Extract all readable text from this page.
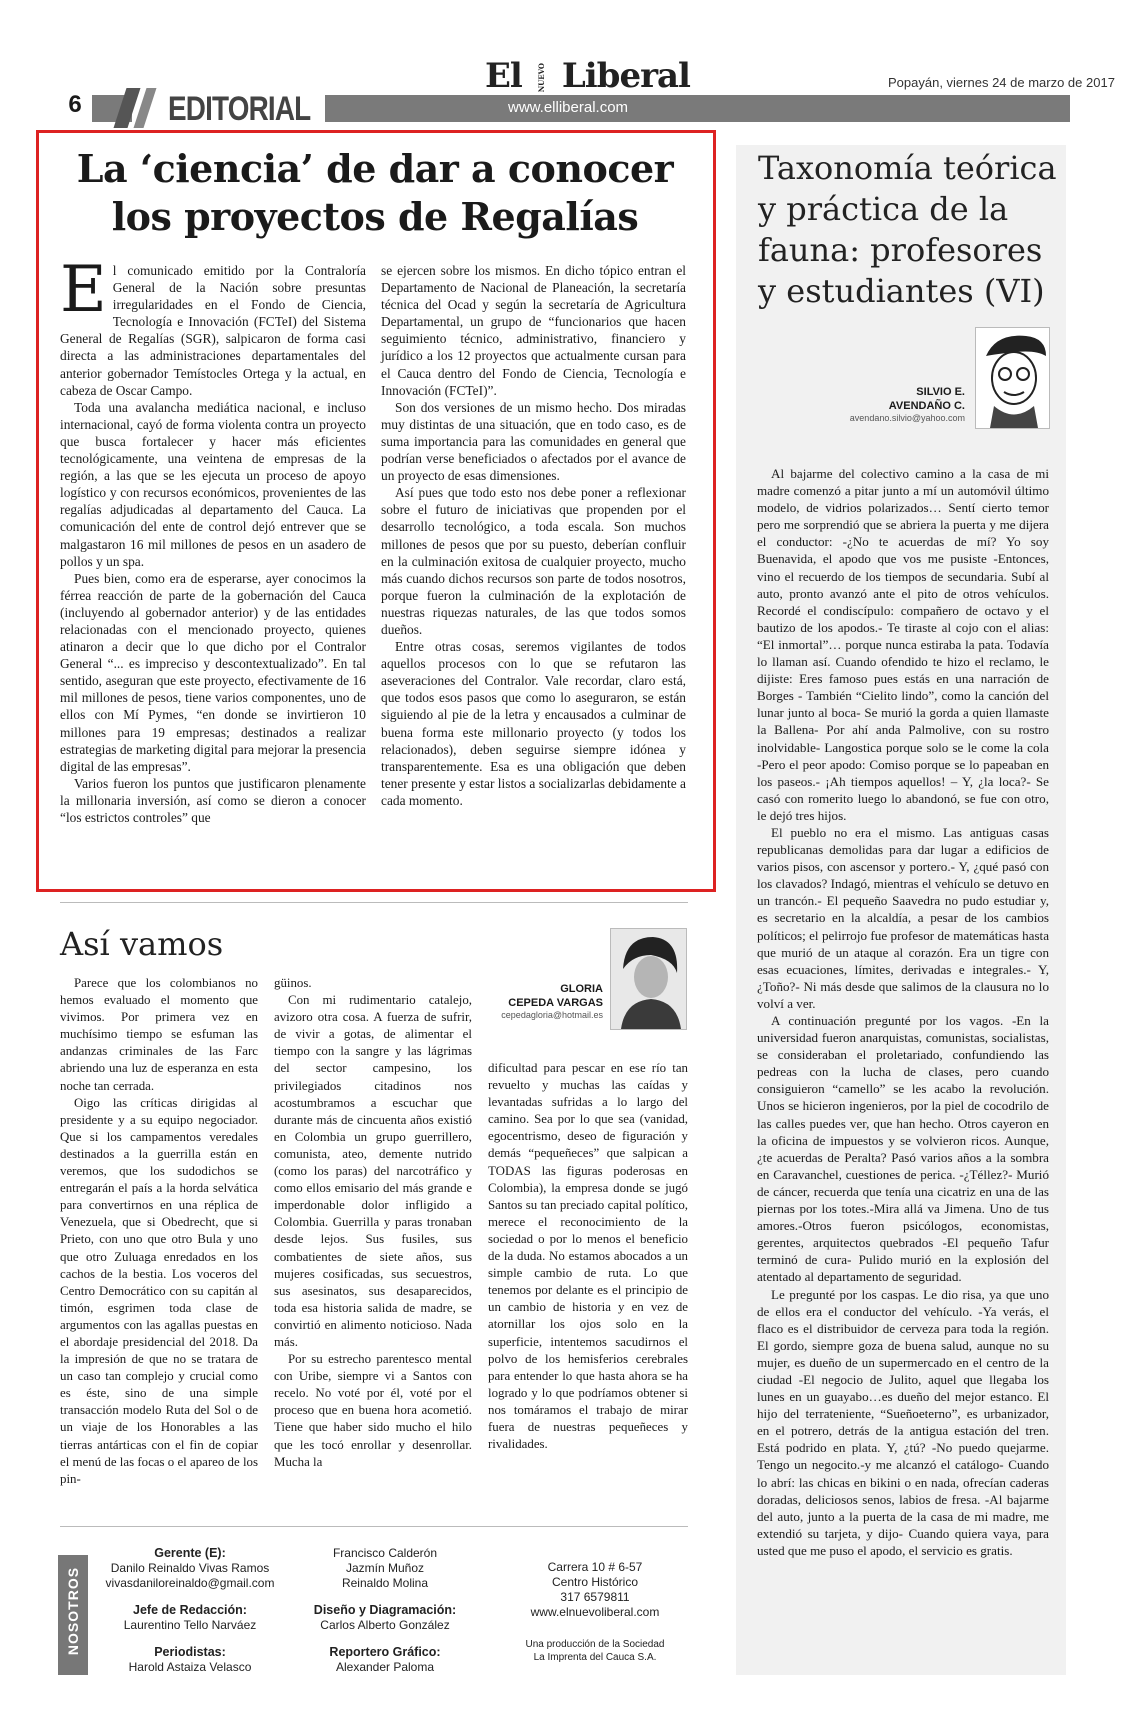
6	EDITORIAL
El NUEVO Liberal
www.elliberal.com
Popayán, viernes 24 de marzo de 2017
La ‘ciencia’ de dar a conocer
los proyectos de Regalías

El comunicado emitido por la Contraloría General de la Nación sobre presuntas irregularidades en el Fondo de Ciencia, Tecnología e Innovación (FCTeI) del Sistema General de Regalías (SGR), salpicaron de forma casi directa a las administraciones departamentales del anterior gobernador Temístocles Ortega y la actual, en cabeza de Oscar Campo.

Toda una avalancha mediática nacional, e incluso internacional, cayó de forma violenta contra un proyecto que busca fortalecer y hacer más eficientes tecnológicamente, una veintena de empresas de la región, a las que se les ejecuta un proceso de apoyo logístico y con recursos económicos, provenientes de las regalías adjudicadas al departamento del Cauca. La comunicación del ente de control dejó entrever que se malgastaron 16 mil millones de pesos en un asadero de pollos y un spa.

Pues bien, como era de esperarse, ayer conocimos la férrea reacción de parte de la gobernación del Cauca (incluyendo al gobernador anterior) y de las entidades relacionadas con el mencionado proyecto, quienes atinaron a decir que lo que dicho por el Contralor General “... es impreciso y descontextualizado”. En tal sentido, aseguran que este proyecto, efectivamente de 16 mil millones de pesos, tiene varios componentes, uno de ellos con Mí Pymes, “en donde se invirtieron 10 millones para 19 empresas; destinados a realizar estrategias de marketing digital para mejorar la presencia digital de las empresas”.

Varios fueron los puntos que justificaron plenamente la millonaria inversión, así como se dieron a conocer “los estrictos controles” que

se ejercen sobre los mismos. En dicho tópico entran el Departamento de Nacional de Planeación, la secretaría técnica del Ocad y según la secretaría de Agricultura Departamental, un grupo de “funcionarios que hacen seguimiento técnico, administrativo, financiero y jurídico a los 12 proyectos que actualmente cursan para el Cauca dentro del Fondo de Ciencia, Tecnología e Innovación (FCTeI)”.

Son dos versiones de un mismo hecho. Dos miradas muy distintas de una situación, que en todo caso, es de suma importancia para las comunidades en general que podrían verse beneficiados o afectados por el avance de un proyecto de esas dimensiones.

Así pues que todo esto nos debe poner a reflexionar sobre el futuro de iniciativas que propenden por el desarrollo tecnológico, a toda escala. Son muchos millones de pesos que por su puesto, deberían confluir en la culminación exitosa de cualquier proyecto, mucho más cuando dichos recursos son parte de todos nosotros, porque fueron la culminación de la explotación de nuestras riquezas naturales, de las que todos somos dueños.

Entre otras cosas, seremos vigilantes de todos aquellos procesos con lo que se refutaron las aseveraciones del Contralor. Vale recordar, claro está, que todos esos pasos que como lo aseguraron, se están siguiendo al pie de la letra y encausados a culminar de buena forma este millonario proyecto (y todos los relacionados), deben seguirse siempre idónea y transparentemente. Esa es una obligación que deben tener presente y estar listos a socializarlas debidamente a cada momento.

Taxonomía teórica y práctica de la fauna: profesores y estudiantes (VI)
SILVIO E.
AVENDAÑO C.
avendano.silvio@yahoo.com

Al bajarme del colectivo camino a la casa de mi madre comenzó a pitar junto a mí un automóvil último modelo, de vidrios polarizados… Sentí cierto temor pero me sorprendió que se abriera la puerta y me dijera el conductor: -¿No te acuerdas de mí? Yo soy Buenavida, el apodo que vos me pusiste -Entonces, vino el recuerdo de los tiempos de secundaria. Subí al auto, pronto avanzó ante el pito de otros vehículos. Recordé el condiscípulo: compañero de octavo y el bautizo de los apodos.- Te tiraste al cojo con el alias: “El inmortal”… porque nunca estiraba la pata. Todavía lo llaman así. Cuando ofendido te hizo el reclamo, le dijiste: Eres famoso pues estás en una narración de Borges - También “Cielito lindo”, como la canción del lunar junto al boca- Se murió la gorda a quien llamaste la Ballena- Por ahí anda Palmolive, con su rostro inolvidable- Langostica porque solo se le come la cola -Pero el peor apodo: Comiso porque se lo papeaban en los paseos.- ¡Ah tiempos aquellos! – Y, ¿la loca?- Se casó con romerito luego lo abandonó, se fue con otro, le dejó tres hijos.

El pueblo no era el mismo. Las antiguas casas republicanas demolidas para dar lugar a edificios de varios pisos, con ascensor y portero.- Y, ¿qué pasó con los clavados? Indagó, mientras el vehículo se detuvo en un trancón.- El pequeño Saavedra no pudo estudiar y, es secretario en la alcaldía, a pesar de los cambios políticos; el pelirrojo fue profesor de matemáticas hasta que murió de un ataque al corazón. Era un tigre con esas ecuaciones, límites, derivadas e integrales.- Y, ¿Toño?- Ni más desde que salimos de la clausura no lo volví a ver.

A continuación pregunté por los vagos. -En la universidad fueron anarquistas, comunistas, socialistas, se consideraban el proletariado, confundiendo las pedreas con la lucha de clases, pero cuando consiguieron “camello” se les acabo la revolución. Unos se hicieron ingenieros, por la piel de cocodrilo de las calles puedes ver, que han hecho. Otros cayeron en la oficina de impuestos y se volvieron ricos. Aunque, ¿te acuerdas de Peralta? Pasó varios años a la sombra en Caravanchel, cuestiones de perica. -¿Téllez?- Murió de cáncer, recuerda que tenía una cicatriz en una de las piernas por los totes.-Mira allá va Jimena. Uno de tus amores.-Otros fueron psicólogos, economistas, gerentes, arquitectos quebrados -El pequeño Tafur terminó de cura- Pulido murió en la explosión del atentado al departamento de seguridad.

Le pregunté por los caspas. Le dio risa, ya que uno de ellos era el conductor del vehículo. -Ya verás, el flaco es el distribuidor de cerveza para toda la región. El gordo, siempre goza de buena salud, aunque no su mujer, es dueño de un supermercado en el centro de la ciudad -El negocio de Julito, aquel que llegaba los lunes en un guayabo…es dueño del mejor estanco. El hijo del terrateniente, “Sueñoeterno”, es urbanizador, en el potrero, detrás de la antigua estación del tren. Está podrido en plata. Y, ¿tú? -No puedo quejarme. Tengo un negocito.-y me alcanzó el catálogo- Cuando lo abrí: las chicas en bikini o en nada, ofrecían caderas doradas, deliciosos senos, labios de fresa. -Al bajarme del auto, junto a la puerta de la casa de mi madre, me extendió su tarjeta, y dijo- Cuando quiera vaya, para usted que me puso el apodo, el servicio es gratis.

Así vamos
GLORIA
CEPEDA VARGAS
cepedagloria@hotmail.es

Parece que los colombianos no hemos evaluado el momento que vivimos. Por primera vez en muchísimo tiempo se esfuman las andanzas criminales de las Farc abriendo una luz de esperanza en esta noche tan cerrada.

Oigo las críticas dirigidas al presidente y a su equipo negociador. Que si los campamentos veredales destinados a la guerrilla están en veremos, que los sudodichos se entregarán el país a la horda selvática para convertirnos en una réplica de Venezuela, que si Obedrecht, que si Prieto, con uno que otro Bula y uno que otro Zuluaga enredados en los cachos de la bestia. Los voceros del Centro Democrático con su capitán al timón, esgrimen toda clase de argumentos con las agallas puestas en el abordaje presidencial del 2018. Da la impresión de que no se tratara de un caso tan complejo y crucial como es éste, sino de una simple transacción modelo Ruta del Sol o de un viaje de los Honorables a las tierras antárticas con el fin de copiar el menú de las focas o el apareo de los pin-

güinos.

Con mi rudimentario catalejo, avizoro otra cosa. A fuerza de sufrir, de vivir a gotas, de alimentar el tiempo con la sangre y las lágrimas del sector campesino, los privilegiados citadinos nos acostumbramos a escuchar que durante más de cincuenta años existió en Colombia un grupo guerrillero, comunista, ateo, demente nutrido (como los paras) del narcotráfico y como ellos emisario del más grande e imperdonable dolor infligido a Colombia. Guerrilla y paras tronaban desde lejos. Sus fusiles, sus combatientes de siete años, sus mujeres cosificadas, sus secuestros, sus asesinatos, sus desaparecidos, toda esa historia salida de madre, se convirtió en alimento noticioso. Nada más.

Por su estrecho parentesco mental con Uribe, siempre vi a Santos con recelo. No voté por él, voté por el proceso que en buena hora acometió. Tiene que haber sido mucho el hilo que les tocó enrollar y desenrollar. Mucha la

dificultad para pescar en ese río tan revuelto y muchas las caídas y levantadas sufridas a lo largo del camino. Sea por lo que sea (vanidad, egocentrismo, deseo de figuración y demás “pequeñeces” que salpican a TODAS las figuras poderosas en Colombia), la empresa donde se jugó Santos su tan preciado capital político, merece el reconocimiento de la sociedad o por lo menos el beneficio de la duda. No estamos abocados a un simple cambio de ruta. Lo que tenemos por delante es el principio de un cambio de historia y en vez de atornillar los ojos solo en la superficie, intentemos sacudirnos el polvo de los hemisferios cerebrales para entender lo que hasta ahora se ha logrado y lo que podríamos obtener si nos tomáramos el trabajo de mirar fuera de nuestras pequeñeces y rivalidades.

NOSOTROS
Gerente (E):
Danilo Reinaldo Vivas Ramos
vivasdaniloreinaldo@gmail.com
Jefe de Redacción:
Laurentino Tello Narváez
Periodistas:
Harold Astaiza Velasco
Francisco Calderón
Jazmín Muñoz
Reinaldo Molina
Diseño y Diagramación:
Carlos Alberto González
Reportero Gráfico:
Alexander Paloma
Carrera 10 # 6-57
Centro Histórico
317 6579811
www.elnuevoliberal.com
Una producción de la Sociedad
La Imprenta del Cauca S.A.
